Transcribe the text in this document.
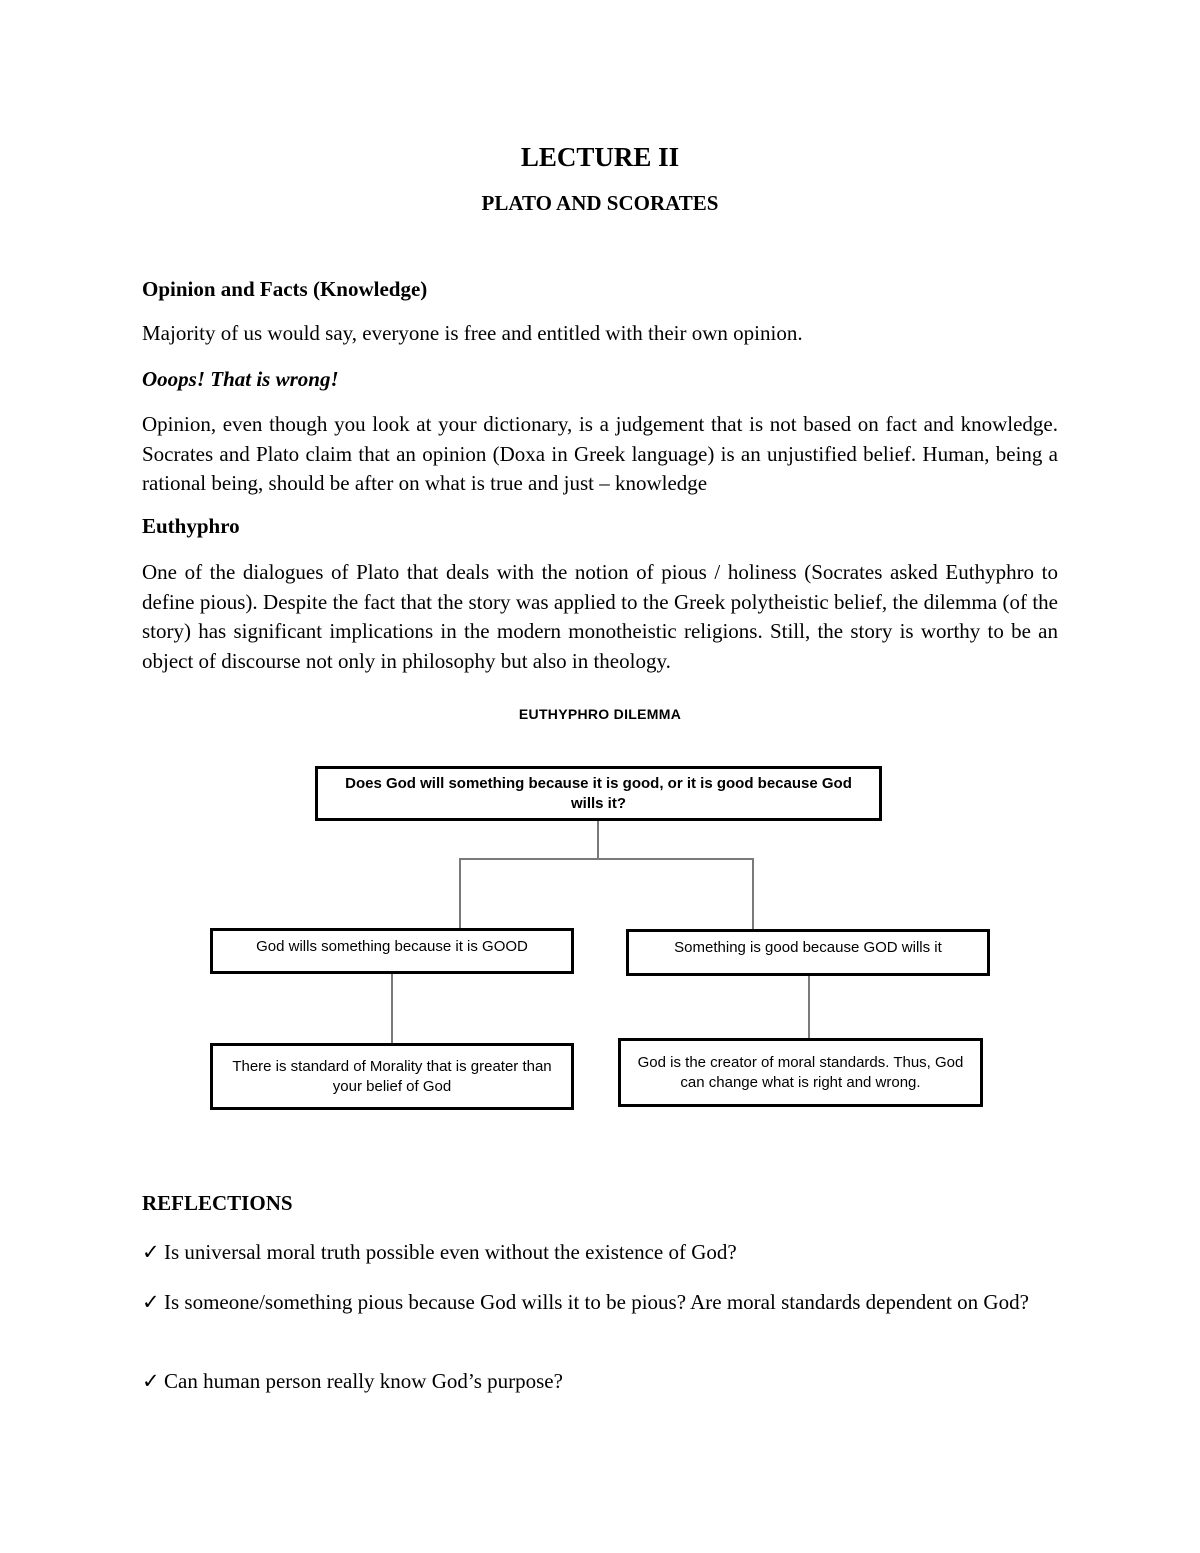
LECTURE II
PLATO AND SCORATES
Opinion and Facts (Knowledge)
Majority of us would say, everyone is free and entitled with their own opinion.
Ooops! That is wrong!
Opinion, even though you look at your dictionary, is a judgement that is not based on fact and knowledge. Socrates and Plato claim that an opinion (Doxa in Greek language) is an unjustified belief. Human, being a rational being, should be after on what is true and just – knowledge
Euthyphro
One of the dialogues of Plato that deals with the notion of pious / holiness (Socrates asked Euthyphro to define pious). Despite the fact that the story was applied to the Greek polytheistic belief, the dilemma (of the story) has significant implications in the modern monotheistic religions. Still, the story is worthy to be an object of discourse not only in philosophy but also in theology.
EUTHYPHRO DILEMMA
Does God will something because it is good, or it is good because God wills it?
God wills something because it is GOOD	Something is good because GOD wills it
There is standard of Morality that is greater than your belief of God
God is the creator of moral standards. Thus, God can change what is right and wrong.
REFLECTIONS
✓ Is universal moral truth possible even without the existence of God?
✓ Is someone/something pious because God wills it to be pious? Are moral standards dependent on God?
✓ Can human person really know God’s purpose?
